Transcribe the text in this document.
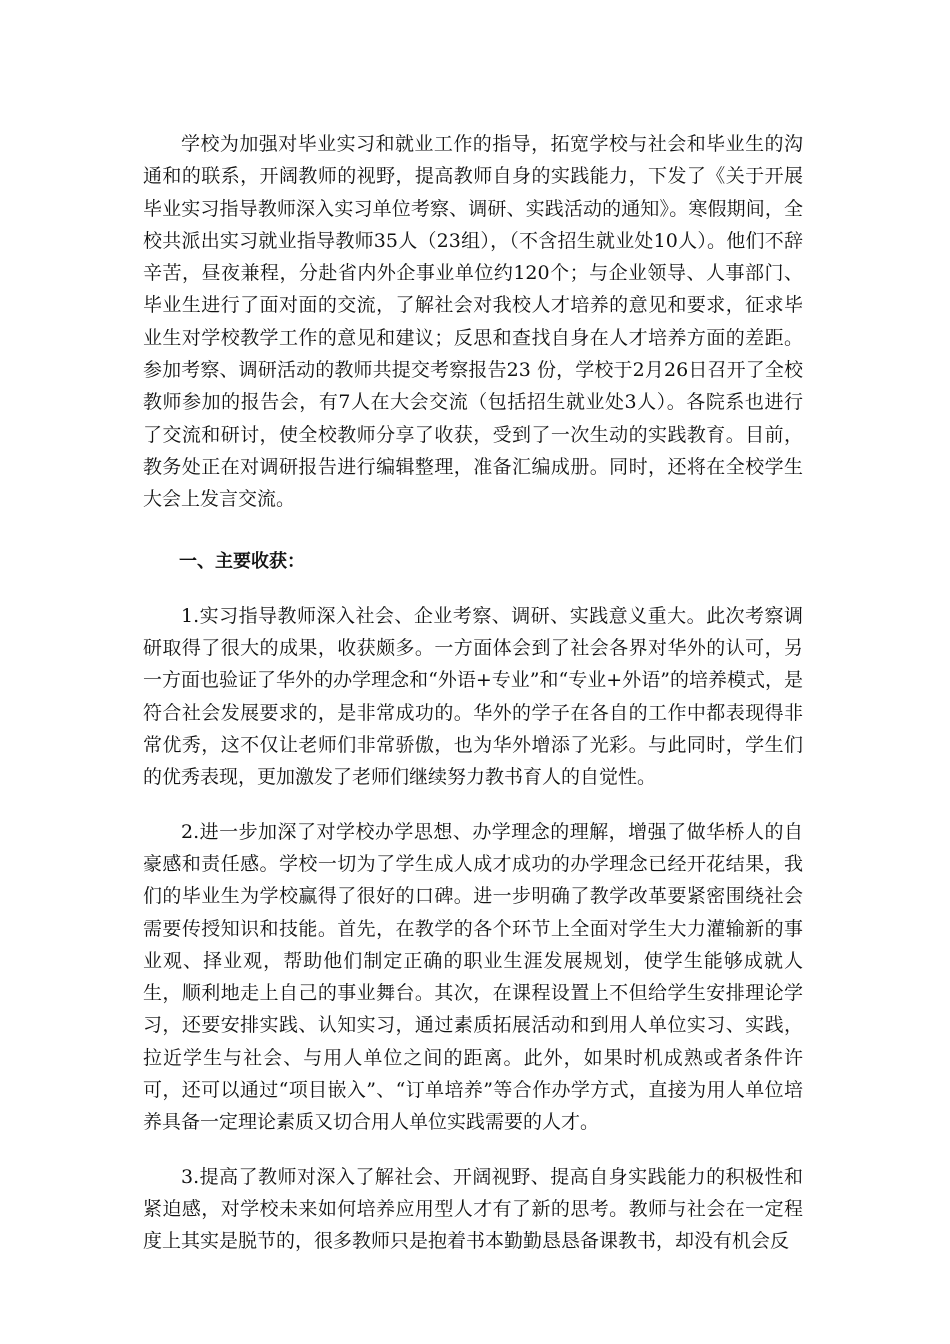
学校为加强对毕业实习和就业工作的指导，拓宽学校与社会和毕业生的沟通和的联系，开阔教师的视野，提高教师自身的实践能力，下发了《关于开展毕业实习指导教师深入实习单位考察、调研、实践活动的通知》。寒假期间，全校共派出实习就业指导教师35人（23组），（不含招生就业处10人）。他们不辞辛苦，昼夜兼程，分赴省内外企事业单位约120个；与企业领导、人事部门、毕业生进行了面对面的交流，了解社会对我校人才培养的意见和要求，征求毕业生对学校教学工作的意见和建议；反思和查找自身在人才培养方面的差距。参加考察、调研活动的教师共提交考察报告23 份，学校于2月26日召开了全校教师参加的报告会，有7人在大会交流（包括招生就业处3人）。各院系也进行了交流和研讨，使全校教师分享了收获，受到了一次生动的实践教育。目前，教务处正在对调研报告进行编辑整理，准备汇编成册。同时，还将在全校学生大会上发言交流。

一、主要收获：

1.实习指导教师深入社会、企业考察、调研、实践意义重大。此次考察调研取得了很大的成果，收获颇多。一方面体会到了社会各界对华外的认可，另一方面也验证了华外的办学理念和“外语+专业”和“专业+外语”的培养模式，是符合社会发展要求的，是非常成功的。华外的学子在各自的工作中都表现得非常优秀，这不仅让老师们非常骄傲，也为华外增添了光彩。与此同时，学生们的优秀表现，更加激发了老师们继续努力教书育人的自觉性。

2.进一步加深了对学校办学思想、办学理念的理解，增强了做华桥人的自豪感和责任感。学校一切为了学生成人成才成功的办学理念已经开花结果，我们的毕业生为学校赢得了很好的口碑。进一步明确了教学改革要紧密围绕社会需要传授知识和技能。首先，在教学的各个环节上全面对学生大力灌输新的事业观、择业观，帮助他们制定正确的职业生涯发展规划，使学生能够成就人生，顺利地走上自己的事业舞台。其次，在课程设置上不但给学生安排理论学习，还要安排实践、认知实习，通过素质拓展活动和到用人单位实习、实践，拉近学生与社会、与用人单位之间的距离。此外，如果时机成熟或者条件许可，还可以通过“项目嵌入”、“订单培养”等合作办学方式，直接为用人单位培养具备一定理论素质又切合用人单位实践需要的人才。

3.提高了教师对深入了解社会、开阔视野、提高自身实践能力的积极性和紧迫感，对学校未来如何培养应用型人才有了新的思考。教师与社会在一定程度上其实是脱节的，很多教师只是抱着书本勤勤恳恳备课教书，却没有机会反
